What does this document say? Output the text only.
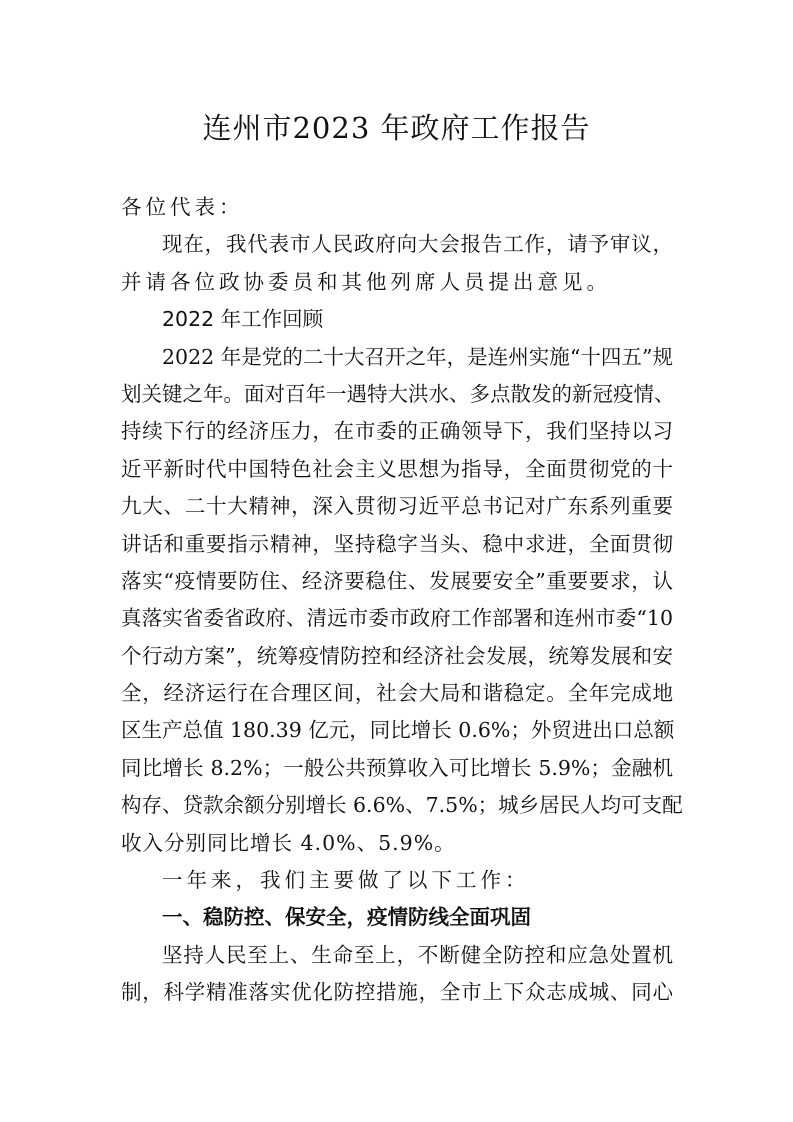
连州市2023 年政府工作报告
各位代表：
现在，我代表市人民政府向大会报告工作，请予审议，
并请各位政协委员和其他列席人员提出意见。
2022 年工作回顾
2022 年是党的二十大召开之年，是连州实施“十四五”规
划关键之年。面对百年一遇特大洪水、多点散发的新冠疫情、
持续下行的经济压力，在市委的正确领导下，我们坚持以习
近平新时代中国特色社会主义思想为指导，全面贯彻党的十
九大、二十大精神，深入贯彻习近平总书记对广东系列重要
讲话和重要指示精神，坚持稳字当头、稳中求进，全面贯彻
落实“疫情要防住、经济要稳住、发展要安全”重要要求，认
真落实省委省政府、清远市委市政府工作部署和连州市委“10
个行动方案”，统筹疫情防控和经济社会发展，统筹发展和安
全，经济运行在合理区间，社会大局和谐稳定。全年完成地
区生产总值 180.39 亿元，同比增长 0.6%；外贸进出口总额
同比增长 8.2%；一般公共预算收入可比增长 5.9%；金融机
构存、贷款余额分别增长 6.6%、7.5%；城乡居民人均可支配
收入分别同比增长 4.0%、5.9%。
一年来，我们主要做了以下工作：
一、稳防控、保安全，疫情防线全面巩固
坚持人民至上、生命至上，不断健全防控和应急处置机
制，科学精准落实优化防控措施，全市上下众志成城、同心
